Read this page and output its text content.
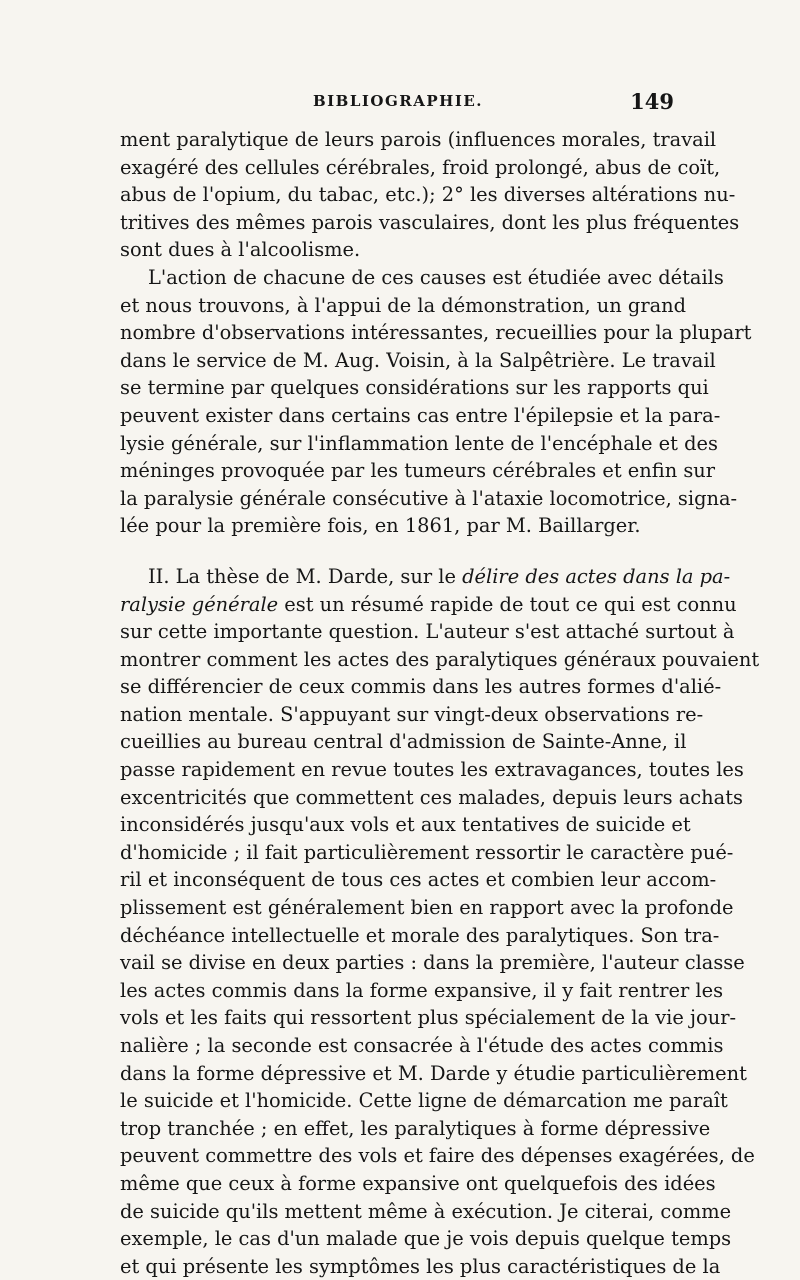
BIBLIOGRAPHIE.	149
ment paralytique de leurs parois (influences morales, travail
exagéré des cellules cérébrales, froid prolongé, abus de coït,
abus de l'opium, du tabac, etc.); 2° les diverses altérations nu-
tritives des mêmes parois vasculaires, dont les plus fréquentes
sont dues à l'alcoolisme.
L'action de chacune de ces causes est étudiée avec détails
et nous trouvons, à l'appui de la démonstration, un grand
nombre d'observations intéressantes, recueillies pour la plupart
dans le service de M. Aug. Voisin, à la Salpêtrière. Le travail
se termine par quelques considérations sur les rapports qui
peuvent exister dans certains cas entre l'épilepsie et la para-
lysie générale, sur l'inflammation lente de l'encéphale et des
méninges provoquée par les tumeurs cérébrales et enfin sur
la paralysie générale consécutive à l'ataxie locomotrice, signa-
lée pour la première fois, en 1861, par M. Baillarger.
II. La thèse de M. Darde, sur le délire des actes dans la pa-
ralysie générale est un résumé rapide de tout ce qui est connu
sur cette importante question. L'auteur s'est attaché surtout à
montrer comment les actes des paralytiques généraux pouvaient
se différencier de ceux commis dans les autres formes d'alié-
nation mentale. S'appuyant sur vingt-deux observations re-
cueillies au bureau central d'admission de Sainte-Anne, il
passe rapidement en revue toutes les extravagances, toutes les
excentricités que commettent ces malades, depuis leurs achats
inconsidérés jusqu'aux vols et aux tentatives de suicide et
d'homicide ; il fait particulièrement ressortir le caractère pué-
ril et inconséquent de tous ces actes et combien leur accom-
plissement est généralement bien en rapport avec la profonde
déchéance intellectuelle et morale des paralytiques. Son tra-
vail se divise en deux parties : dans la première, l'auteur classe
les actes commis dans la forme expansive, il y fait rentrer les
vols et les faits qui ressortent plus spécialement de la vie jour-
nalière ; la seconde est consacrée à l'étude des actes commis
dans la forme dépressive et M. Darde y étudie particulièrement
le suicide et l'homicide. Cette ligne de démarcation me paraît
trop tranchée ; en effet, les paralytiques à forme dépressive
peuvent commettre des vols et faire des dépenses exagérées, de
même que ceux à forme expansive ont quelquefois des idées
de suicide qu'ils mettent même à exécution. Je citerai, comme
exemple, le cas d'un malade que je vois depuis quelque temps
et qui présente les symptômes les plus caractéristiques de la
